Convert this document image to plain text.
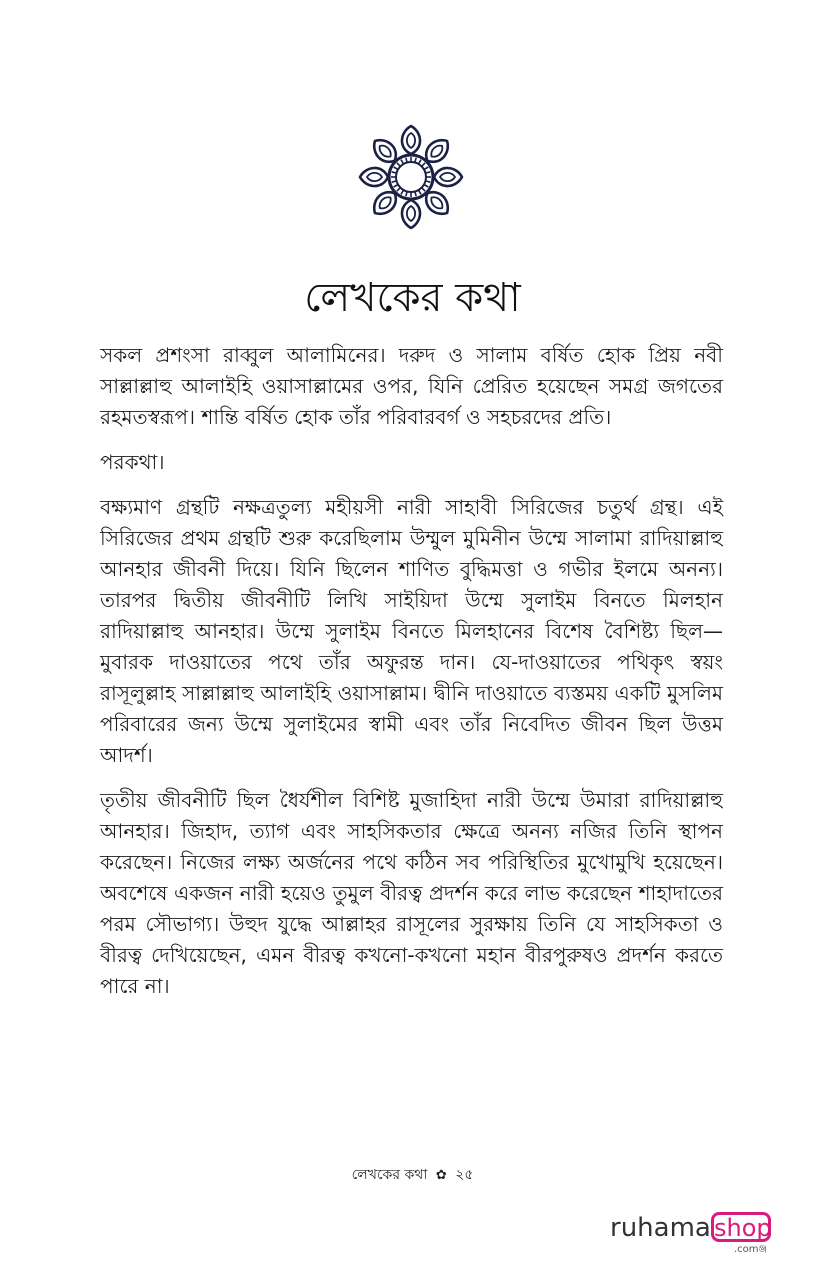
লেখকের কথা

সকল প্রশংসা রাব্বুল আলামিনের। দরুদ ও সালাম বর্ষিত হোক প্রিয় নবী সাল্লাল্লাহু আলাইহি ওয়াসাল্লামের ওপর, যিনি প্রেরিত হয়েছেন সমগ্র জগতের রহমতস্বরূপ। শান্তি বর্ষিত হোক তাঁর পরিবারবর্গ ও সহচরদের প্রতি।

পরকথা।

বক্ষ্যমাণ গ্রন্থটি নক্ষত্রতুল্য মহীয়সী নারী সাহাবী সিরিজের চতুর্থ গ্রন্থ। এই সিরিজের প্রথম গ্রন্থটি শুরু করেছিলাম উম্মুল মুমিনীন উম্মে সালামা রাদিয়াল্লাহু আনহার জীবনী দিয়ে। যিনি ছিলেন শাণিত বুদ্ধিমত্তা ও গভীর ইলমে অনন্য। তারপর দ্বিতীয় জীবনীটি লিখি সাইয়িদা উম্মে সুলাইম বিনতে মিলহান রাদিয়াল্লাহু আনহার। উম্মে সুলাইম বিনতে মিলহানের বিশেষ বৈশিষ্ট্য ছিল—মুবারক দাওয়াতের পথে তাঁর অফুরন্ত দান। যে-দাওয়াতের পথিকৃৎ স্বয়ং রাসূলুল্লাহ সাল্লাল্লাহু আলাইহি ওয়াসাল্লাম। দ্বীনি দাওয়াতে ব্যস্তময় একটি মুসলিম পরিবারের জন্য উম্মে সুলাইমের স্বামী এবং তাঁর নিবেদিত জীবন ছিল উত্তম আদর্শ।

তৃতীয় জীবনীটি ছিল ধৈর্যশীল বিশিষ্ট মুজাহিদা নারী উম্মে উমারা রাদিয়াল্লাহু আনহার। জিহাদ, ত্যাগ এবং সাহসিকতার ক্ষেত্রে অনন্য নজির তিনি স্থাপন করেছেন। নিজের লক্ষ্য অর্জনের পথে কঠিন সব পরিস্থিতির মুখোমুখি হয়েছেন। অবশেষে একজন নারী হয়েও তুমুল বীরত্ব প্রদর্শন করে লাভ করেছেন শাহাদাতের পরম সৌভাগ্য। উহুদ যুদ্ধে আল্লাহর রাসূলের সুরক্ষায় তিনি যে সাহসিকতা ও বীরত্ব দেখিয়েছেন, এমন বীরত্ব কখনো-কখনো মহান বীরপুরুষও প্রদর্শন করতে পারে না।

লেখকের কথা ✿ ২৫
ruhama shop
.comঞ্জ
